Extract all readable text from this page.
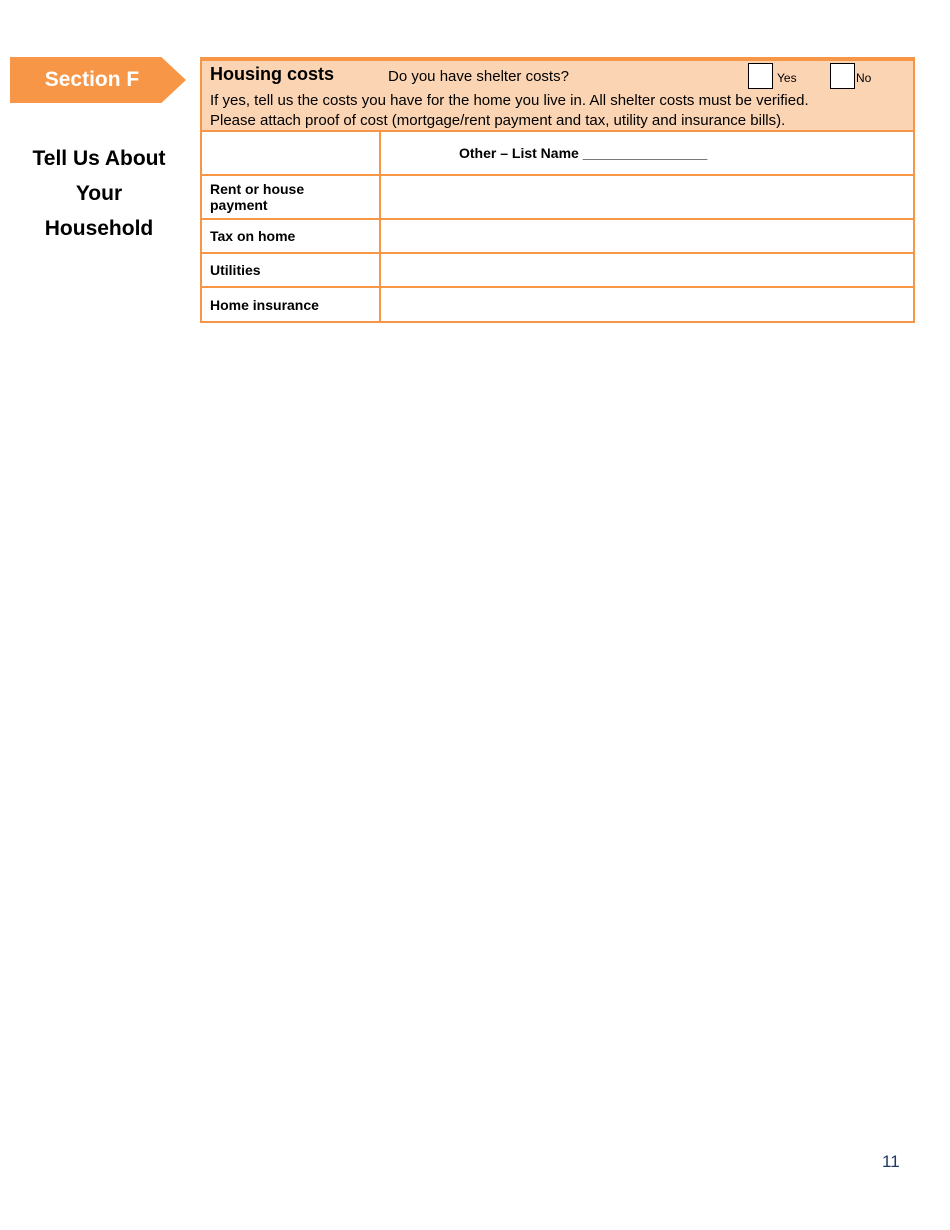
Section F
Tell Us About
Your
Household
Housing costs	Do you have shelter costs?	Yes	No
If yes, tell us the costs you have for the home you live in. All shelter costs must be verified.
Please attach proof of cost (mortgage/rent payment and tax, utility and insurance bills).
	Other – List Name ________________

Rent or house
payment	

Tax on home	
Utilities	
Home insurance	
11
